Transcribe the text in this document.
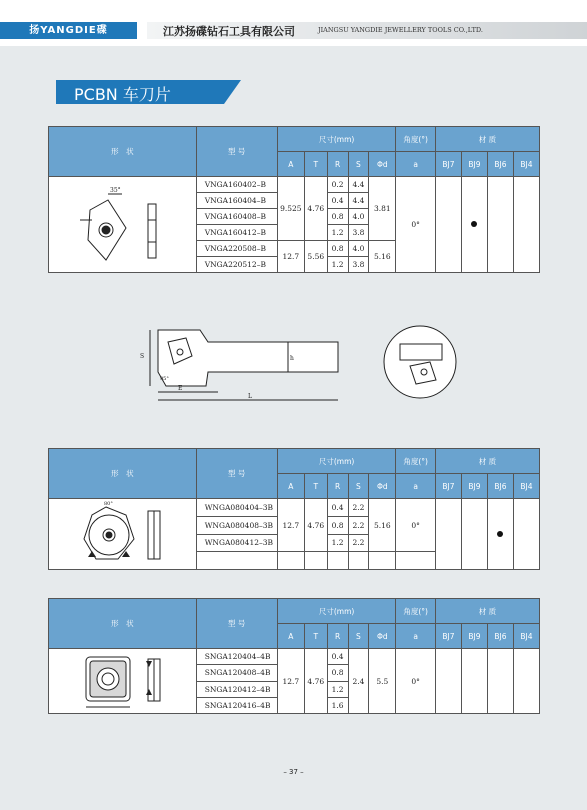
扬YANGDIE碟	江苏扬碟钻石工具有限公司	JIANGSU YANGDIE JEWELLERY TOOLS CO.,LTD.
PCBN 车刀片
形　状	型 号	尺寸(mm)					角度(°)	材 质			
		A	T	R	S	Φd	a	BJ7	BJ9	BJ6	BJ4

35°	VNGA160402–B	9.525	4.76	0.2	4.4	3.81	0°				
	VNGA160404–B			0.4	4.4						
	VNGA160408–B			0.8	4.0						
	VNGA160412–B			1.2	3.8						
	VNGA220508–B	12.7	5.56	0.8	4.0	5.16					
	VNGA220512–B			1.2	3.8						
S	h
E
L
95°
形　状	型 号	尺寸(mm)					角度(°)	材 质			
		A	T	R	S	Φd	a	BJ7	BJ9	BJ6	BJ4

80°	WNGA080404–3B	12.7	4.76	0.4	2.2	5.16	0°				
	WNGA080408–3B			0.8	2.2						
	WNGA080412–3B			1.2	2.2						

形　状	型 号	尺寸(mm)					角度(°)	材 质			
		A	T	R	S	Φd	a	BJ7	BJ9	BJ6	BJ4
	SNGA120404–4B	12.7	4.76	0.4	2.4	5.5	0°				
	SNGA120408–4B			0.8							
	SNGA120412–4B			1.2							
	SNGA120416–4B			1.6							
– 37 –
